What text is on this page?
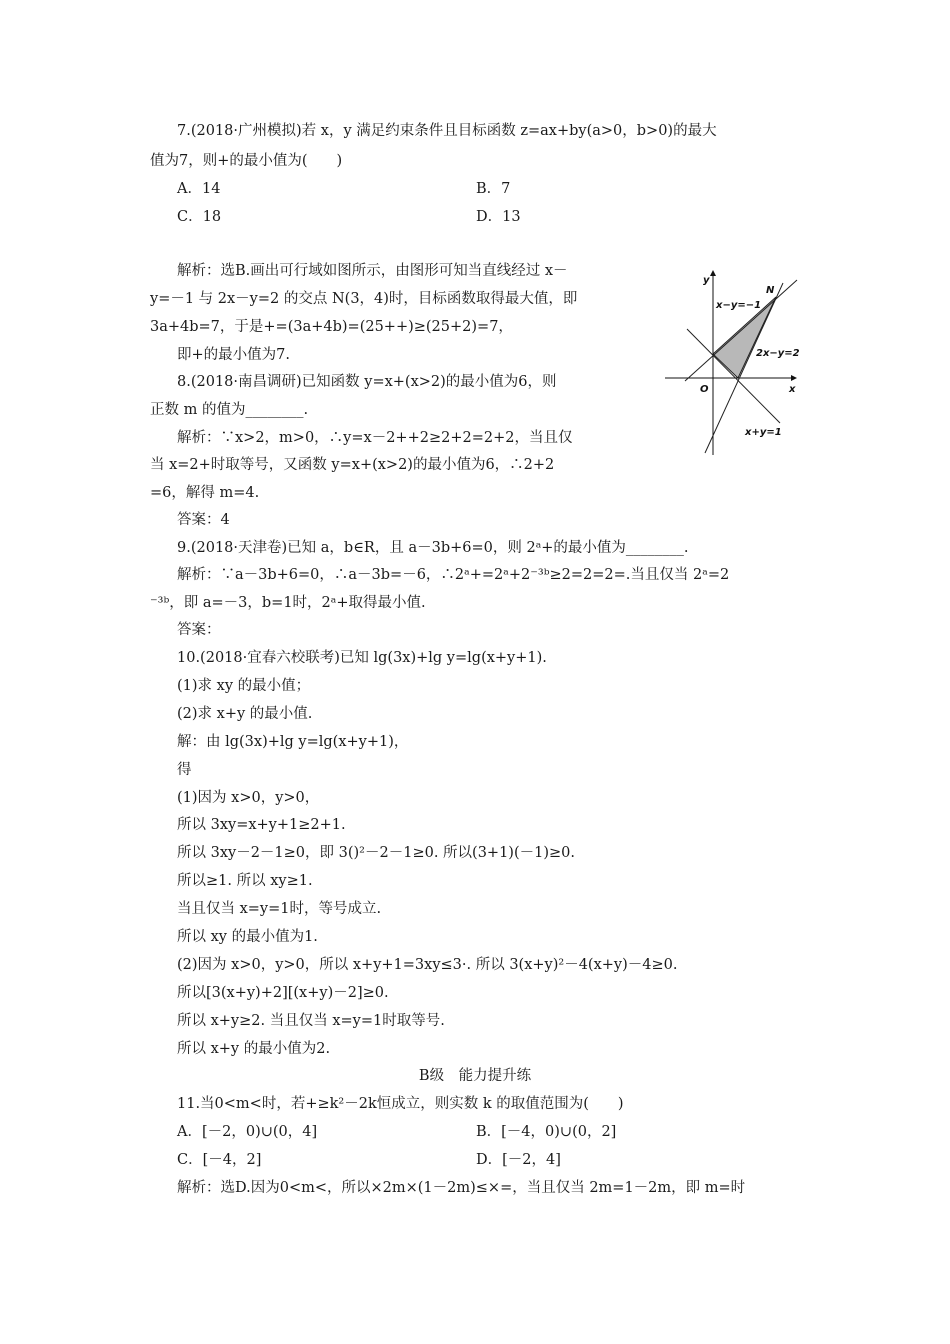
7.(2018·广州模拟)若 x，y 满足约束条件且目标函数 z=ax+by(a>0，b>0)的最大
值为7，则+的最小值为(　　)
A．14	B．7
C．18	D．13
解析：选B.画出可行域如图所示，由图形可知当直线经过 x－
y=－1 与 2x－y=2 的交点 N(3，4)时，目标函数取得最大值，即
3a+4b=7，于是+=(3a+4b)=(25++)≥(25+2)=7，
即+的最小值为7.
8.(2018·南昌调研)已知函数 y=x+(x>2)的最小值为6，则
正数 m 的值为________.
解析：∵x>2，m>0，∴y=x－2++2≥2+2=2+2，当且仅
当 x=2+时取等号，又函数 y=x+(x>2)的最小值为6，∴2+2
=6，解得 m=4.
答案：4
9.(2018·天津卷)已知 a，b∈R，且 a－3b+6=0，则 2ᵃ+的最小值为________.
解析：∵a－3b+6=0，∴a－3b=－6，∴2ᵃ+=2ᵃ+2⁻³ᵇ≥2=2=2=.当且仅当 2ᵃ=2
⁻³ᵇ，即 a=－3，b=1时，2ᵃ+取得最小值.
答案：
10.(2018·宜春六校联考)已知 lg(3x)+lg y=lg(x+y+1).
(1)求 xy 的最小值；
(2)求 x+y 的最小值.
解：由 lg(3x)+lg y=lg(x+y+1)，
得
(1)因为 x>0，y>0，
所以 3xy=x+y+1≥2+1.
所以 3xy－2－1≥0，即 3()²－2－1≥0. 所以(3+1)(－1)≥0.
所以≥1. 所以 xy≥1.
当且仅当 x=y=1时，等号成立.
所以 xy 的最小值为1.
(2)因为 x>0，y>0，所以 x+y+1=3xy≤3·. 所以 3(x+y)²－4(x+y)－4≥0.
所以[3(x+y)+2][(x+y)－2]≥0.
所以 x+y≥2. 当且仅当 x=y=1时取等号.
所以 x+y 的最小值为2.
B级　能力提升练
11.当0<m<时，若+≥k²－2k恒成立，则实数 k 的取值范围为(　　)
A．[－2，0)∪(0，4]	B．[－4，0)∪(0，2]
C．[－4，2]	D．[－2，4]
解析：选D.因为0<m<，所以×2m×(1－2m)≤×=，当且仅当 2m=1－2m，即 m=时
y
x
O
N
x−y=−1
2x−y=2
x+y=1
